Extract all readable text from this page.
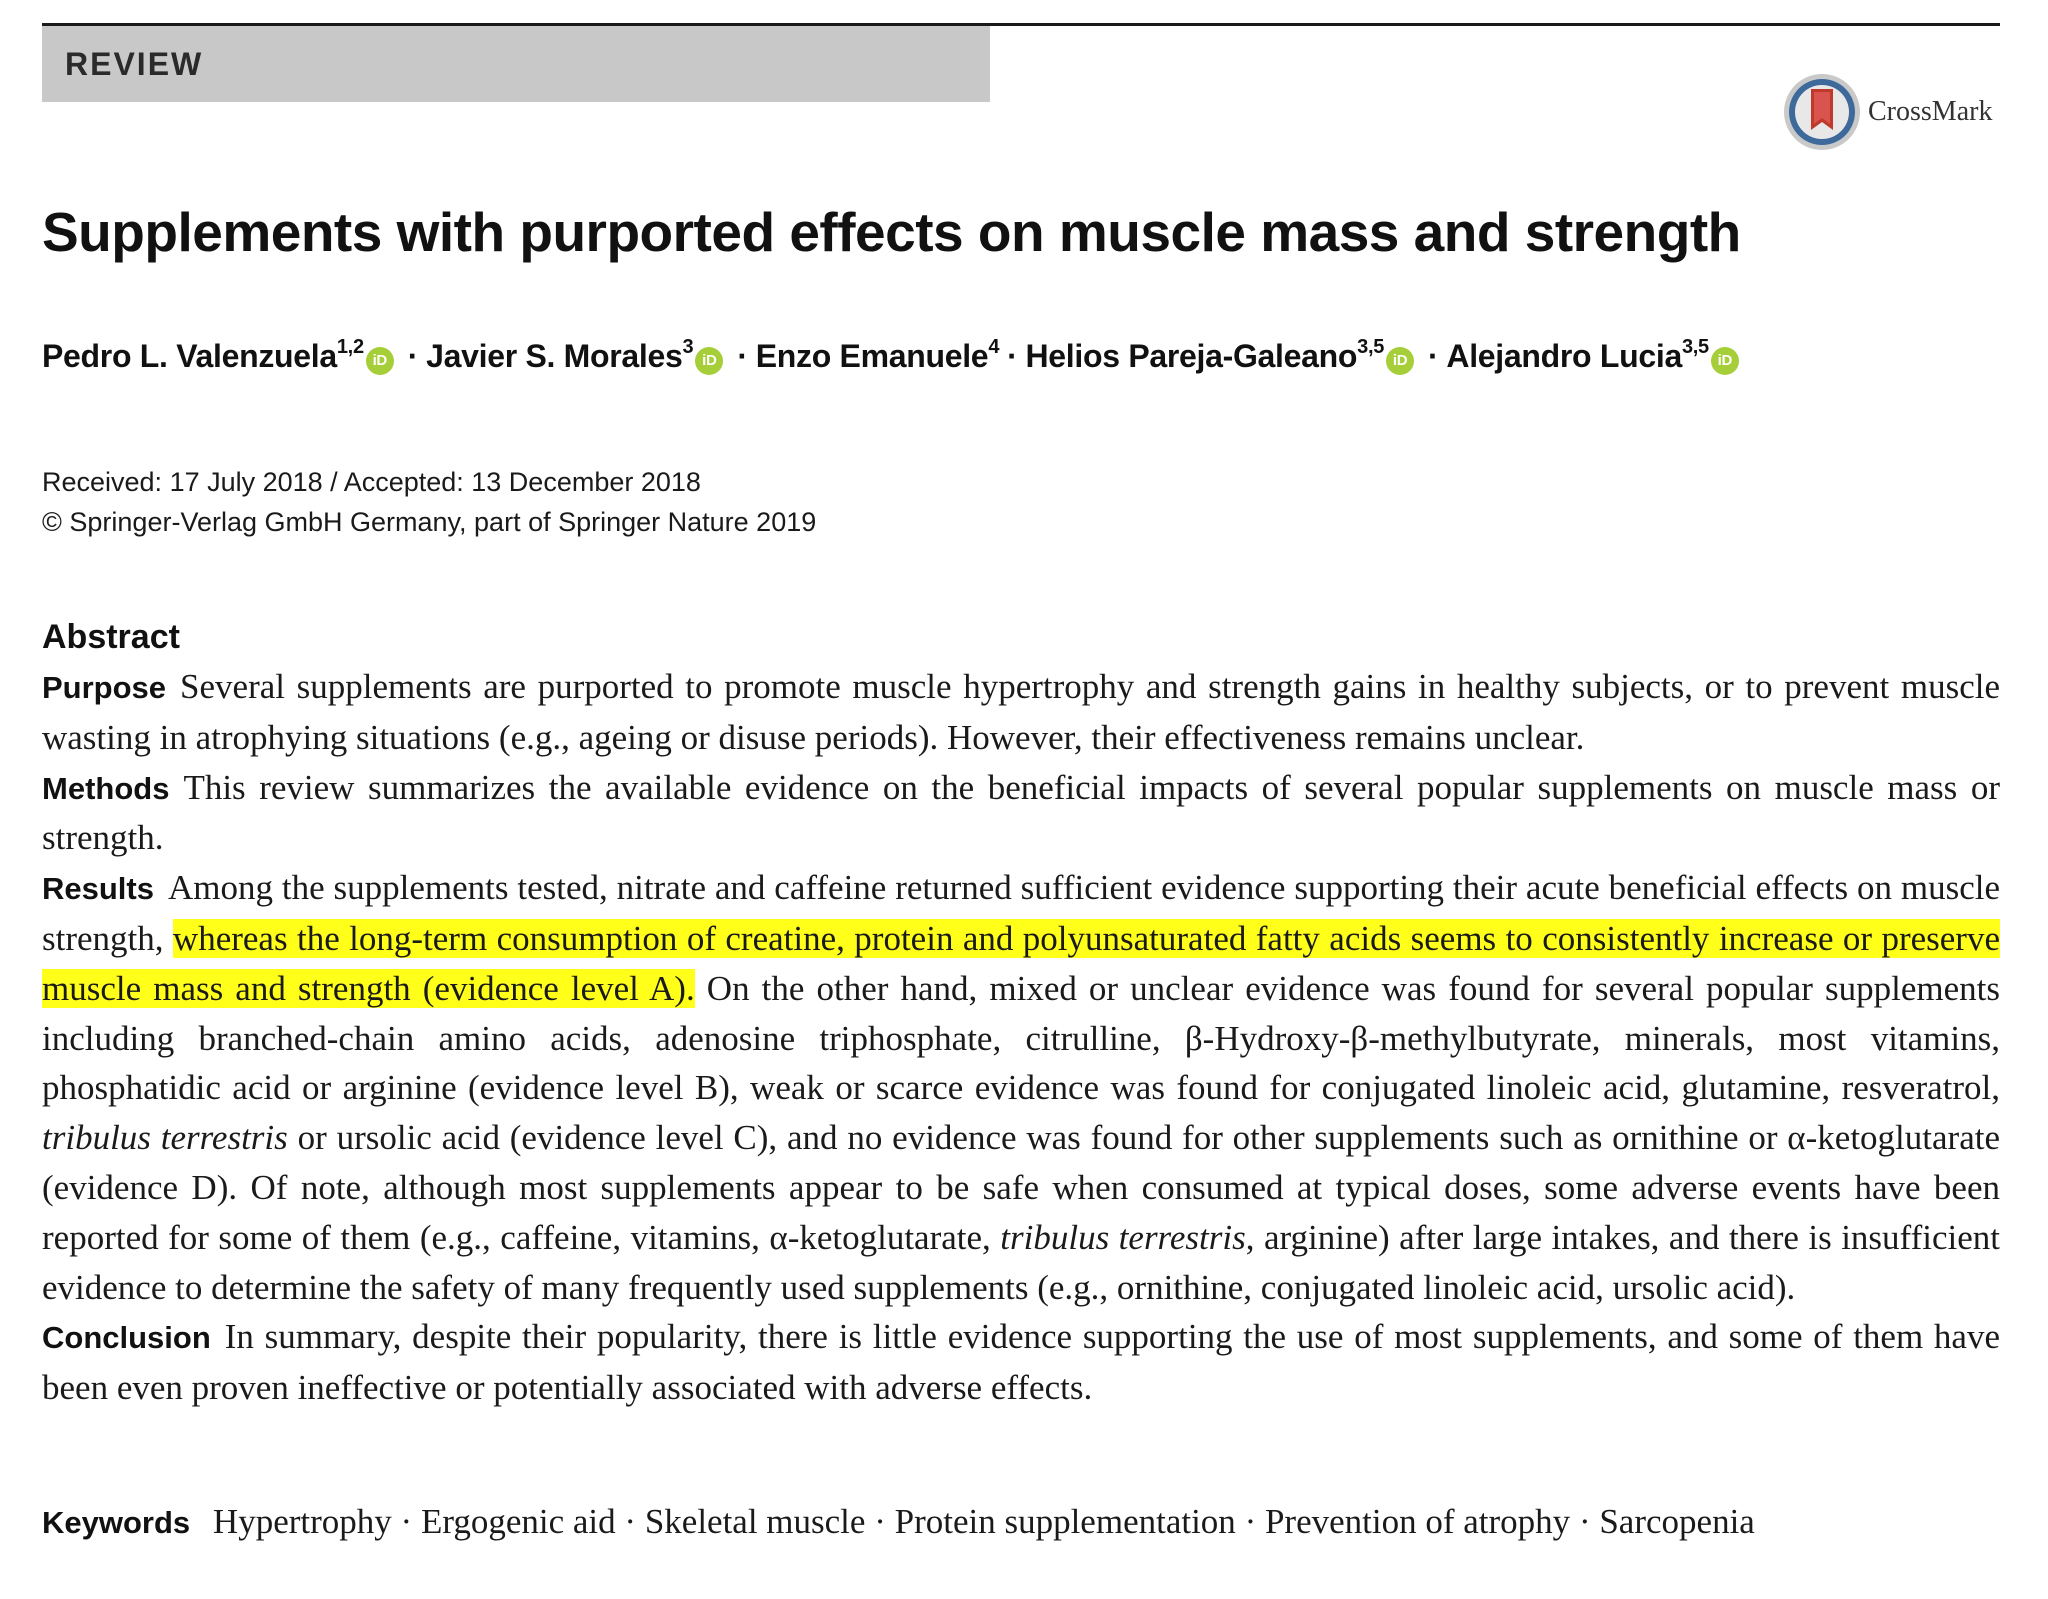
REVIEW
CrossMark
Supplements with purported effects on muscle mass and strength
Pedro L. Valenzuela$^{1,2}$iD · Javier S. Morales$^3$iD · Enzo Emanuele$^4$ · Helios Pareja-Galeano$^{3,5}$iD · Alejandro Lucia$^{3,5}$iD
Received: 17 July 2018 / Accepted: 13 December 2018
© Springer-Verlag GmbH Germany, part of Springer Nature 2019
Abstract

Purpose Several supplements are purported to promote muscle hypertrophy and strength gains in healthy subjects, or to prevent muscle wasting in atrophying situations (e.g., ageing or disuse periods). However, their effectiveness remains unclear.

Methods This review summarizes the available evidence on the beneficial impacts of several popular supplements on muscle mass or strength.

Results Among the supplements tested, nitrate and caffeine returned sufficient evidence supporting their acute beneficial effects on muscle strength, whereas the long-term consumption of creatine, protein and polyunsaturated fatty acids seems to consistently increase or preserve muscle mass and strength (evidence level A). On the other hand, mixed or unclear evidence was found for several popular supplements including branched-chain amino acids, adenosine triphosphate, citrulline, β-Hydroxy-β-methylbutyrate, minerals, most vitamins, phosphatidic acid or arginine (evidence level B), weak or scarce evidence was found for conjugated linoleic acid, glutamine, resveratrol, tribulus terrestris or ursolic acid (evidence level C), and no evidence was found for other supplements such as ornithine or α-ketoglutarate (evidence D). Of note, although most supplements appear to be safe when consumed at typical doses, some adverse events have been reported for some of them (e.g., caffeine, vitamins, α-ketoglutarate, tribulus terrestris, arginine) after large intakes, and there is insufficient evidence to determine the safety of many frequently used supplements (e.g., ornithine, conjugated linoleic acid, ursolic acid).

Conclusion In summary, despite their popularity, there is little evidence supporting the use of most supplements, and some of them have been even proven ineffective or potentially associated with adverse effects.

Keywords Hypertrophy · Ergogenic aid · Skeletal muscle · Protein supplementation · Prevention of atrophy · Sarcopenia
